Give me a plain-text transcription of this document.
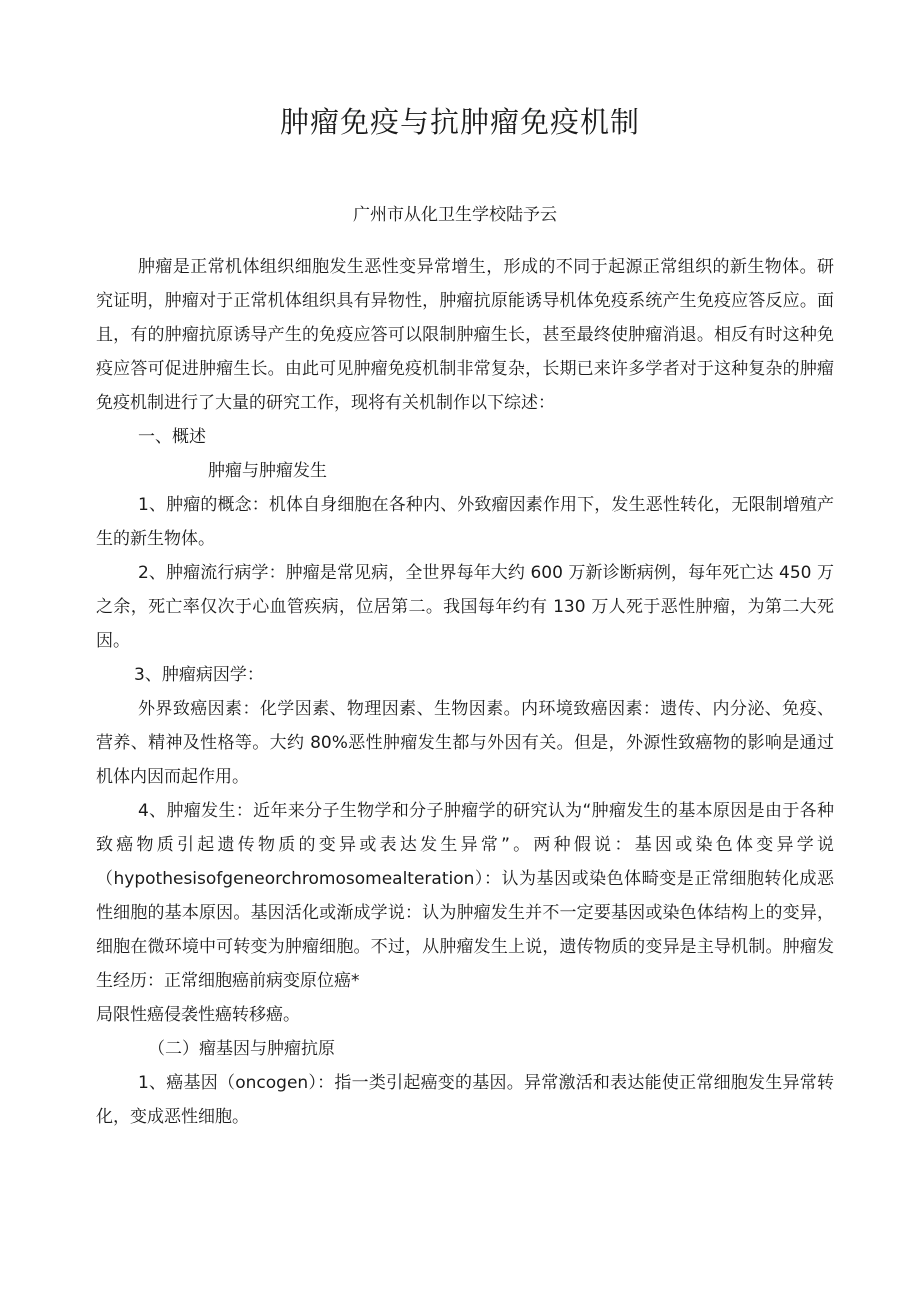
肿瘤免疫与抗肿瘤免疫机制

广州市从化卫生学校陆予云

肿瘤是正常机体组织细胞发生恶性变异常增生，形成的不同于起源正常组织的新生物体。研究证明，肿瘤对于正常机体组织具有异物性，肿瘤抗原能诱导机体免疫系统产生免疫应答反应。面且，有的肿瘤抗原诱导产生的免疫应答可以限制肿瘤生长，甚至最终使肿瘤消退。相反有时这种免疫应答可促进肿瘤生长。由此可见肿瘤免疫机制非常复杂，长期已来许多学者对于这种复杂的肿瘤免疫机制进行了大量的研究工作，现将有关机制作以下综述：

一、概述

肿瘤与肿瘤发生

1、肿瘤的概念：机体自身细胞在各种内、外致瘤因素作用下，发生恶性转化，无限制增殖产生的新生物体。

2、肿瘤流行病学：肿瘤是常见病，全世界每年大约 600 万新诊断病例，每年死亡达 450 万之余，死亡率仅次于心血管疾病，位居第二。我国每年约有 130 万人死于恶性肿瘤，为第二大死因。

3、肿瘤病因学：

外界致癌因素：化学因素、物理因素、生物因素。内环境致癌因素：遗传、内分泌、免疫、营养、精神及性格等。大约 80%恶性肿瘤发生都与外因有关。但是，外源性致癌物的影响是通过机体内因而起作用。

4、肿瘤发生：近年来分子生物学和分子肿瘤学的研究认为“肿瘤发生的基本原因是由于各种致癌物质引起遗传物质的变异或表达发生异常”。两种假说：基因或染色体变异学说（hypothesisofgeneorchromosomealteration）：认为基因或染色体畸变是正常细胞转化成恶性细胞的基本原因。基因活化或渐成学说：认为肿瘤发生并不一定要基因或染色体结构上的变异，细胞在微环境中可转变为肿瘤细胞。不过，从肿瘤发生上说，遗传物质的变异是主导机制。肿瘤发生经历：正常细胞癌前病变原位癌*

局限性癌侵袭性癌转移癌。

（二）瘤基因与肿瘤抗原

1、癌基因（oncogen）：指一类引起癌变的基因。异常激活和表达能使正常细胞发生异常转化，变成恶性细胞。
